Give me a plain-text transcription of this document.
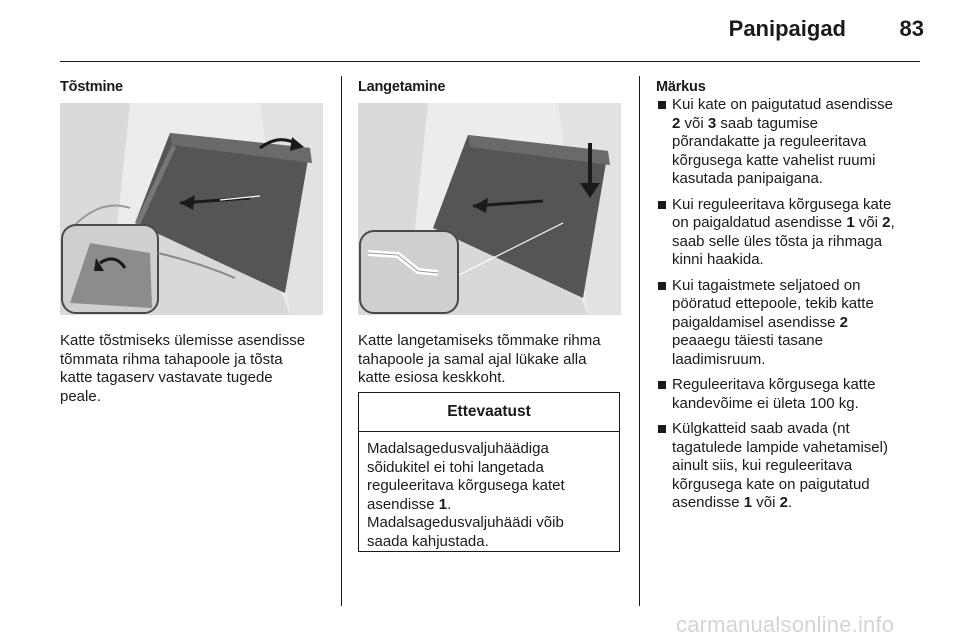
Panipaigad	83
Tõstmine

Katte tõstmiseks ülemisse asendisse
tõmmata rihma tahapoole ja tõsta
katte tagaserv vastavate tugede
peale.

Langetamine

Katte langetamiseks tõmmake rihma
tahapoole ja samal ajal lükake alla
katte esiosa keskkoht.

Ettevaatust
Madalsagedusvaljuhäädiga
sõidukitel ei tohi langetada
reguleeritava kõrgusega katet
asendisse 1.
Madalsagedusvaljuhäädi võib
saada kahjustada.
Märkus
Kui kate on paigutatud asendisse
2 või 3 saab tagumise
põrandakatte ja reguleeritava
kõrgusega katte vahelist ruumi
kasutada panipaigana.
Kui reguleeritava kõrgusega kate
on paigaldatud asendisse 1 või 2,
saab selle üles tõsta ja rihmaga
kinni haakida.
Kui tagaistmete seljatoed on
pööratud ettepoole, tekib katte
paigaldamisel asendisse 2
peaaegu täiesti tasane
laadimisruum.
Reguleeritava kõrgusega katte
kandevõime ei ületa 100 kg.
Külgkatteid saab avada (nt
tagatulede lampide vahetamisel)
ainult siis, kui reguleeritava
kõrgusega kate on paigutatud
asendisse 1 või 2.
carmanualsonline.info
